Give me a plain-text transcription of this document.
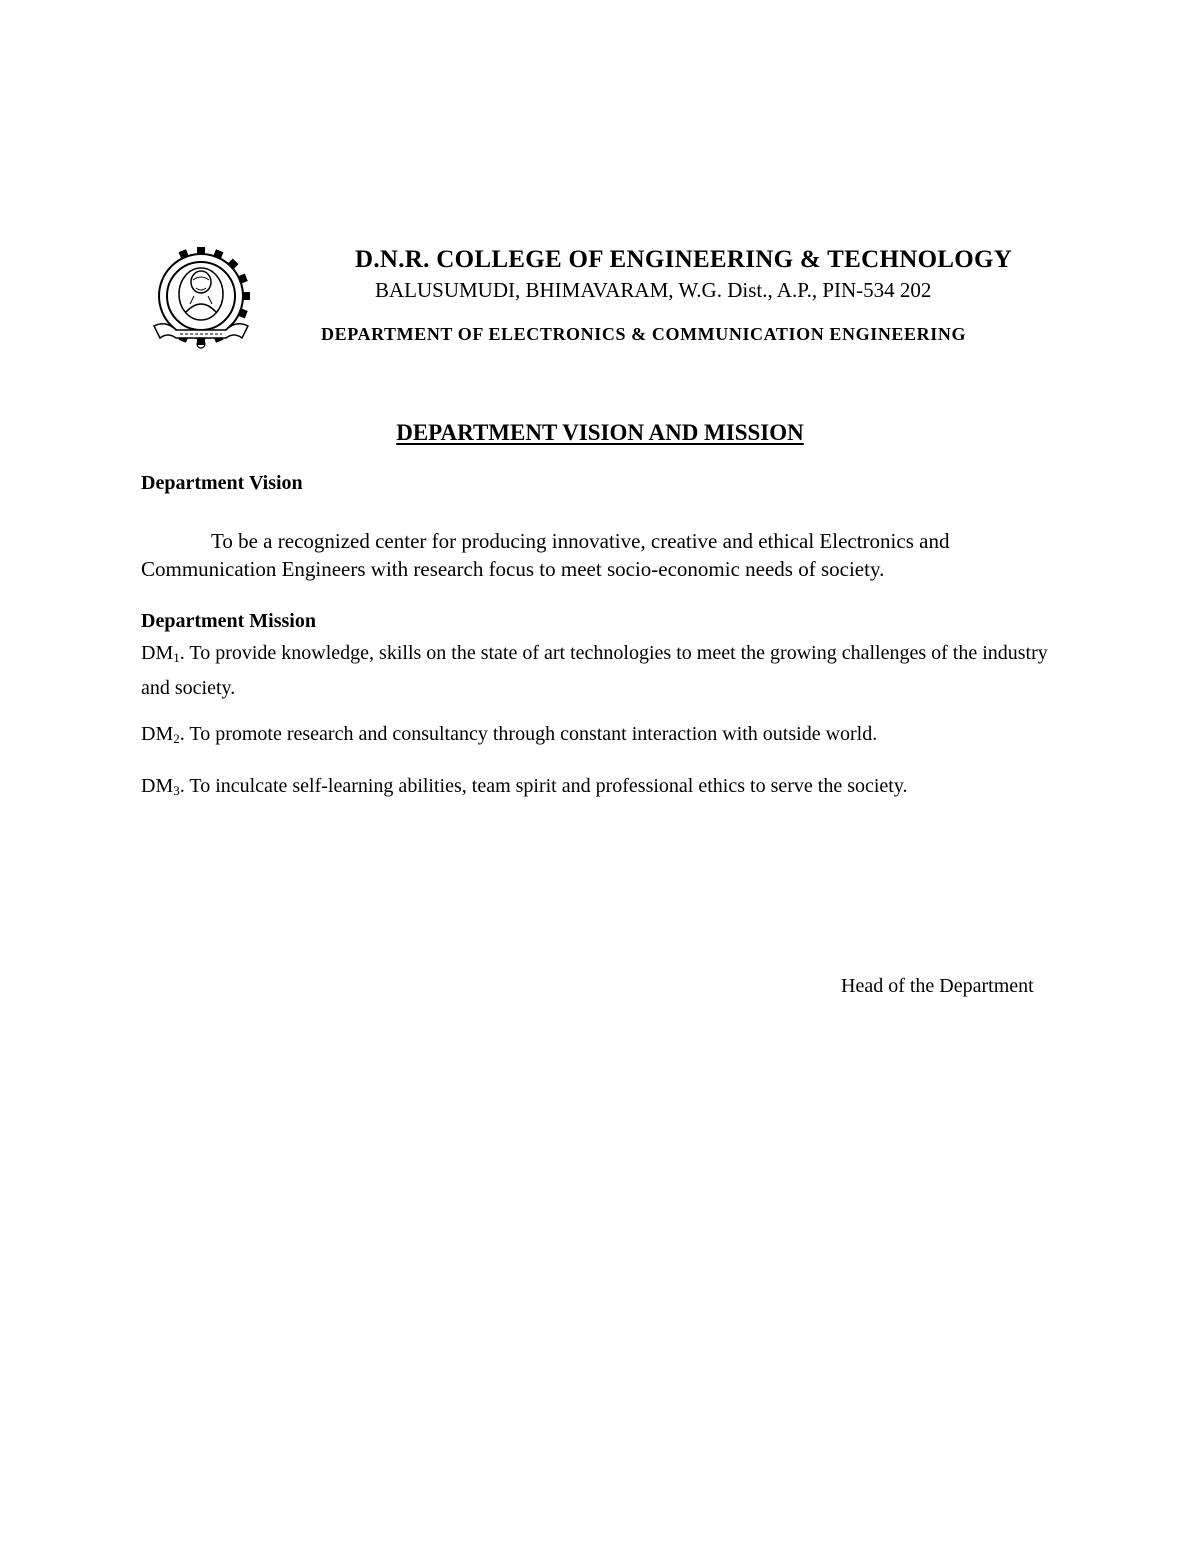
D.N.R. COLLEGE OF ENGINEERING & TECHNOLOGY
BALUSUMUDI, BHIMAVARAM, W.G. Dist., A.P., PIN-534 202
DEPARTMENT OF ELECTRONICS & COMMUNICATION ENGINEERING
DEPARTMENT VISION AND MISSION
Department Vision
To be a recognized center for producing innovative, creative and ethical Electronics and Communication Engineers with research focus to meet socio-economic needs of society.
Department Mission
$DM_1$. To provide knowledge, skills on the state of art technologies to meet the growing challenges of the industry and society.
$DM_2$. To promote research and consultancy through constant interaction with outside world.
$DM_3$. To inculcate self-learning abilities, team spirit and professional ethics to serve the society.
Head of the Department
